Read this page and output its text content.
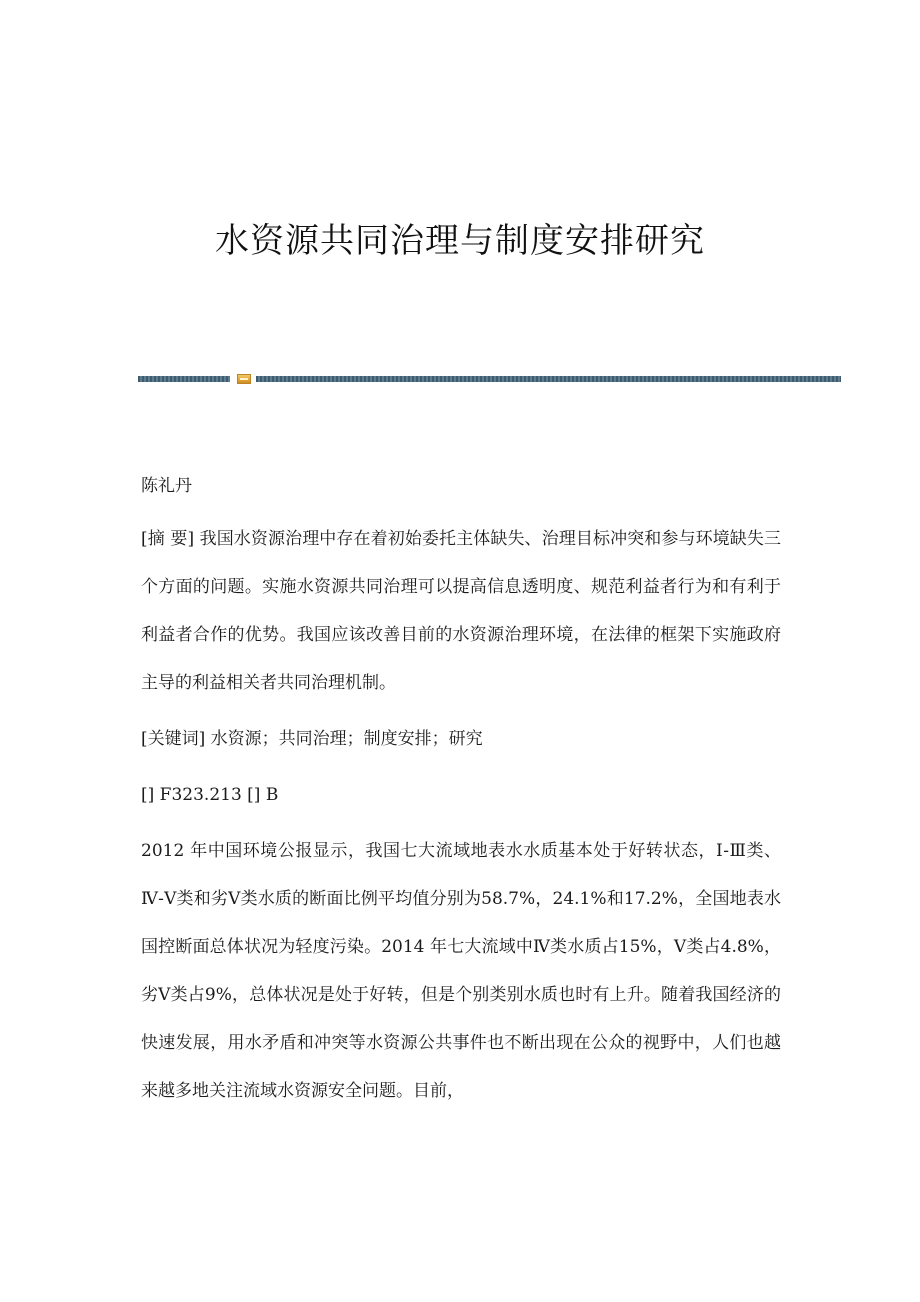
水资源共同治理与制度安排研究

陈礼丹

[摘 要] 我国水资源治理中存在着初始委托主体缺失、治理目标冲突和参与环境缺失三个方面的问题。实施水资源共同治理可以提高信息透明度、规范利益者行为和有利于利益者合作的优势。我国应该改善目前的水资源治理环境，在法律的框架下实施政府主导的利益相关者共同治理机制。

[关键词] 水资源；共同治理；制度安排；研究

[] F323.213 [] B

2012 年中国环境公报显示，我国七大流域地表水水质基本处于好转状态，Ⅰ-Ⅲ类、Ⅳ-Ⅴ类和劣Ⅴ类水质的断面比例平均值分别为58.7%，24.1%和17.2%，全国地表水国控断面总体状况为轻度污染。2014 年七大流域中Ⅳ类水质占15%，Ⅴ类占4.8%，劣Ⅴ类占9%，总体状况是处于好转，但是个别类别水质也时有上升。随着我国经济的快速发展，用水矛盾和冲突等水资源公共事件也不断出现在公众的视野中，人们也越来越多地关注流域水资源安全问题。目前，
